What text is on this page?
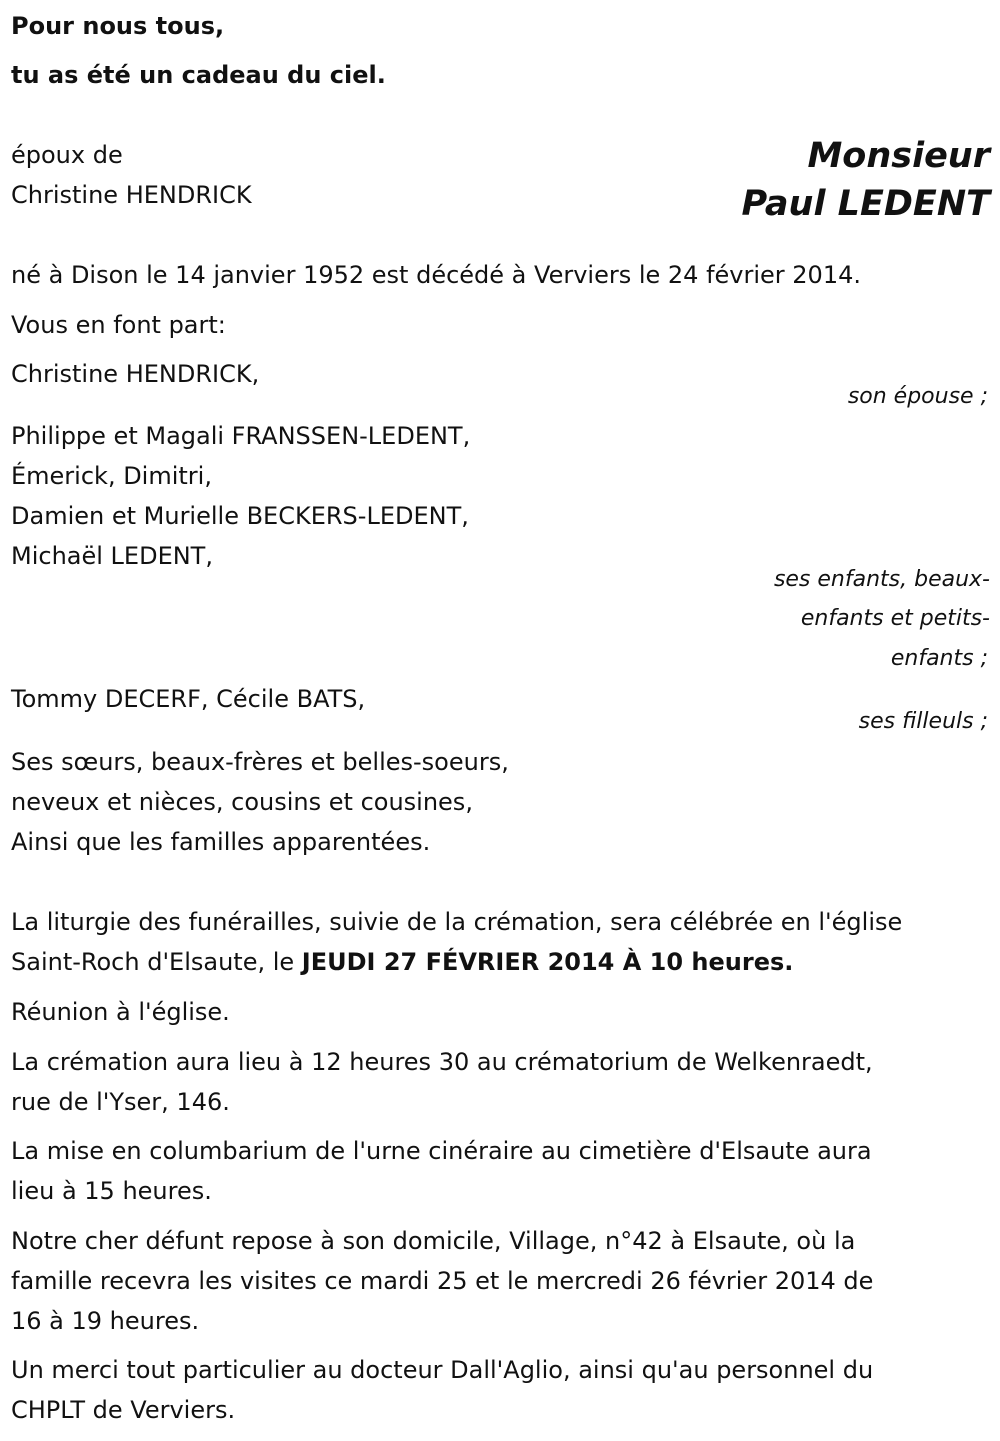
Pour nous tous,
tu as été un cadeau du ciel.
époux de
Christine HENDRICK
Monsieur
Paul LEDENT
né à Dison le 14 janvier 1952 est décédé à Verviers le 24 février 2014.
Vous en font part:
Christine HENDRICK,
son épouse ;
Philippe et Magali FRANSSEN-LEDENT,
Émerick, Dimitri,
Damien et Murielle BECKERS-LEDENT,
Michaël LEDENT,
ses enfants, beaux-
enfants et petits-
enfants ;
Tommy DECERF, Cécile BATS,
ses filleuls ;
Ses sœurs, beaux-frères et belles-soeurs,
neveux et nièces, cousins et cousines,
Ainsi que les familles apparentées.
La liturgie des funérailles, suivie de la crémation, sera célébrée en l'église
Saint-Roch d'Elsaute, le JEUDI 27 FÉVRIER 2014 À 10 heures.
Réunion à l'église.
La crémation aura lieu à 12 heures 30 au crématorium de Welkenraedt,
rue de l'Yser, 146.
La mise en columbarium de l'urne cinéraire au cimetière d'Elsaute aura
lieu à 15 heures.
Notre cher défunt repose à son domicile, Village, n°42 à Elsaute, où la
famille recevra les visites ce mardi 25 et le mercredi 26 février 2014 de
16 à 19 heures.
Un merci tout particulier au docteur Dall'Aglio, ainsi qu'au personnel du
CHPLT de Verviers.
